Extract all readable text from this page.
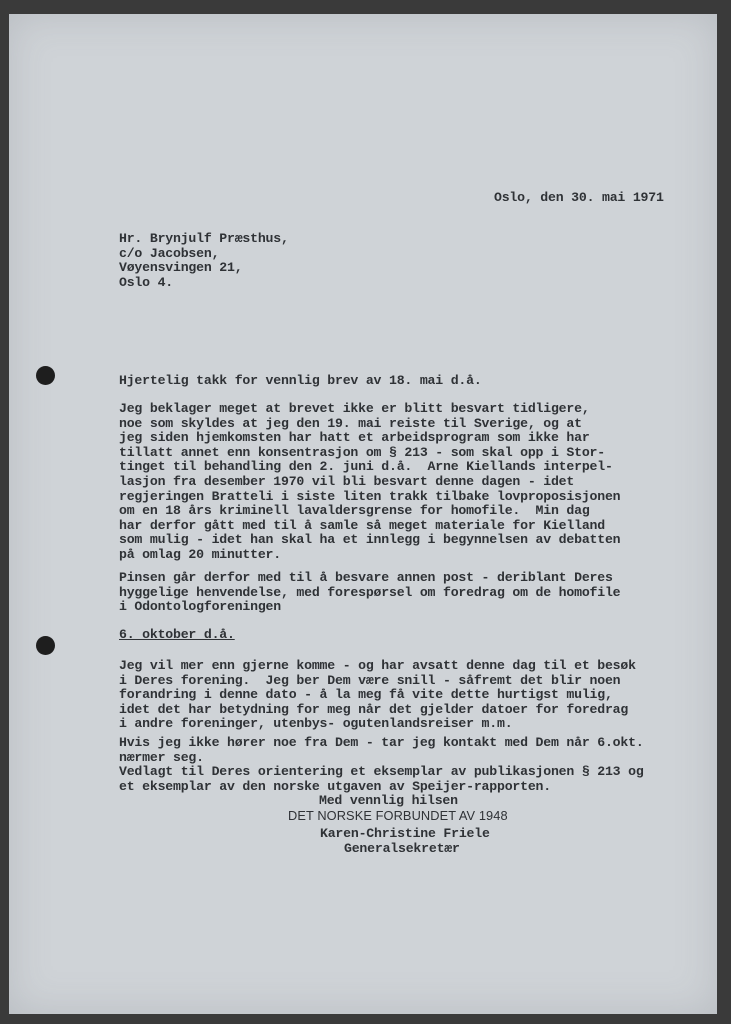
Oslo, den 30. mai 1971
Hr. Brynjulf Præsthus,
c/o Jacobsen,
Vøyensvingen 21,
Oslo 4.
Hjertelig takk for vennlig brev av 18. mai d.å.
Jeg beklager meget at brevet ikke er blitt besvart tidligere,
noe som skyldes at jeg den 19. mai reiste til Sverige, og at
jeg siden hjemkomsten har hatt et arbeidsprogram som ikke har
tillatt annet enn konsentrasjon om § 213 - som skal opp i Stor-
tinget til behandling den 2. juni d.å.  Arne Kiellands interpel-
lasjon fra desember 1970 vil bli besvart denne dagen - idet
regjeringen Bratteli i siste liten trakk tilbake lovproposisjonen
om en 18 års kriminell lavaldersgrense for homofile.  Min dag
har derfor gått med til å samle så meget materiale for Kielland
som mulig - idet han skal ha et innlegg i begynnelsen av debatten
på omlag 20 minutter.
Pinsen går derfor med til å besvare annen post - deriblant Deres
hyggelige henvendelse, med forespørsel om foredrag om de homofile
i Odontologforeningen
6. oktober d.å.
Jeg vil mer enn gjerne komme - og har avsatt denne dag til et besøk
i Deres forening.  Jeg ber Dem være snill - såfremt det blir noen
forandring i denne dato - å la meg få vite dette hurtigst mulig,
idet det har betydning for meg når det gjelder datoer for foredrag
i andre foreninger, utenbys- ogutenlandsreiser m.m.
Hvis jeg ikke hører noe fra Dem - tar jeg kontakt med Dem når 6.okt.
nærmer seg.
Vedlagt til Deres orientering et eksemplar av publikasjonen § 213 og
et eksemplar av den norske utgaven av Speijer-rapporten.
Med vennlig hilsen
DET NORSKE FORBUNDET AV 1948
Karen-Christine Friele
Generalsekretær
